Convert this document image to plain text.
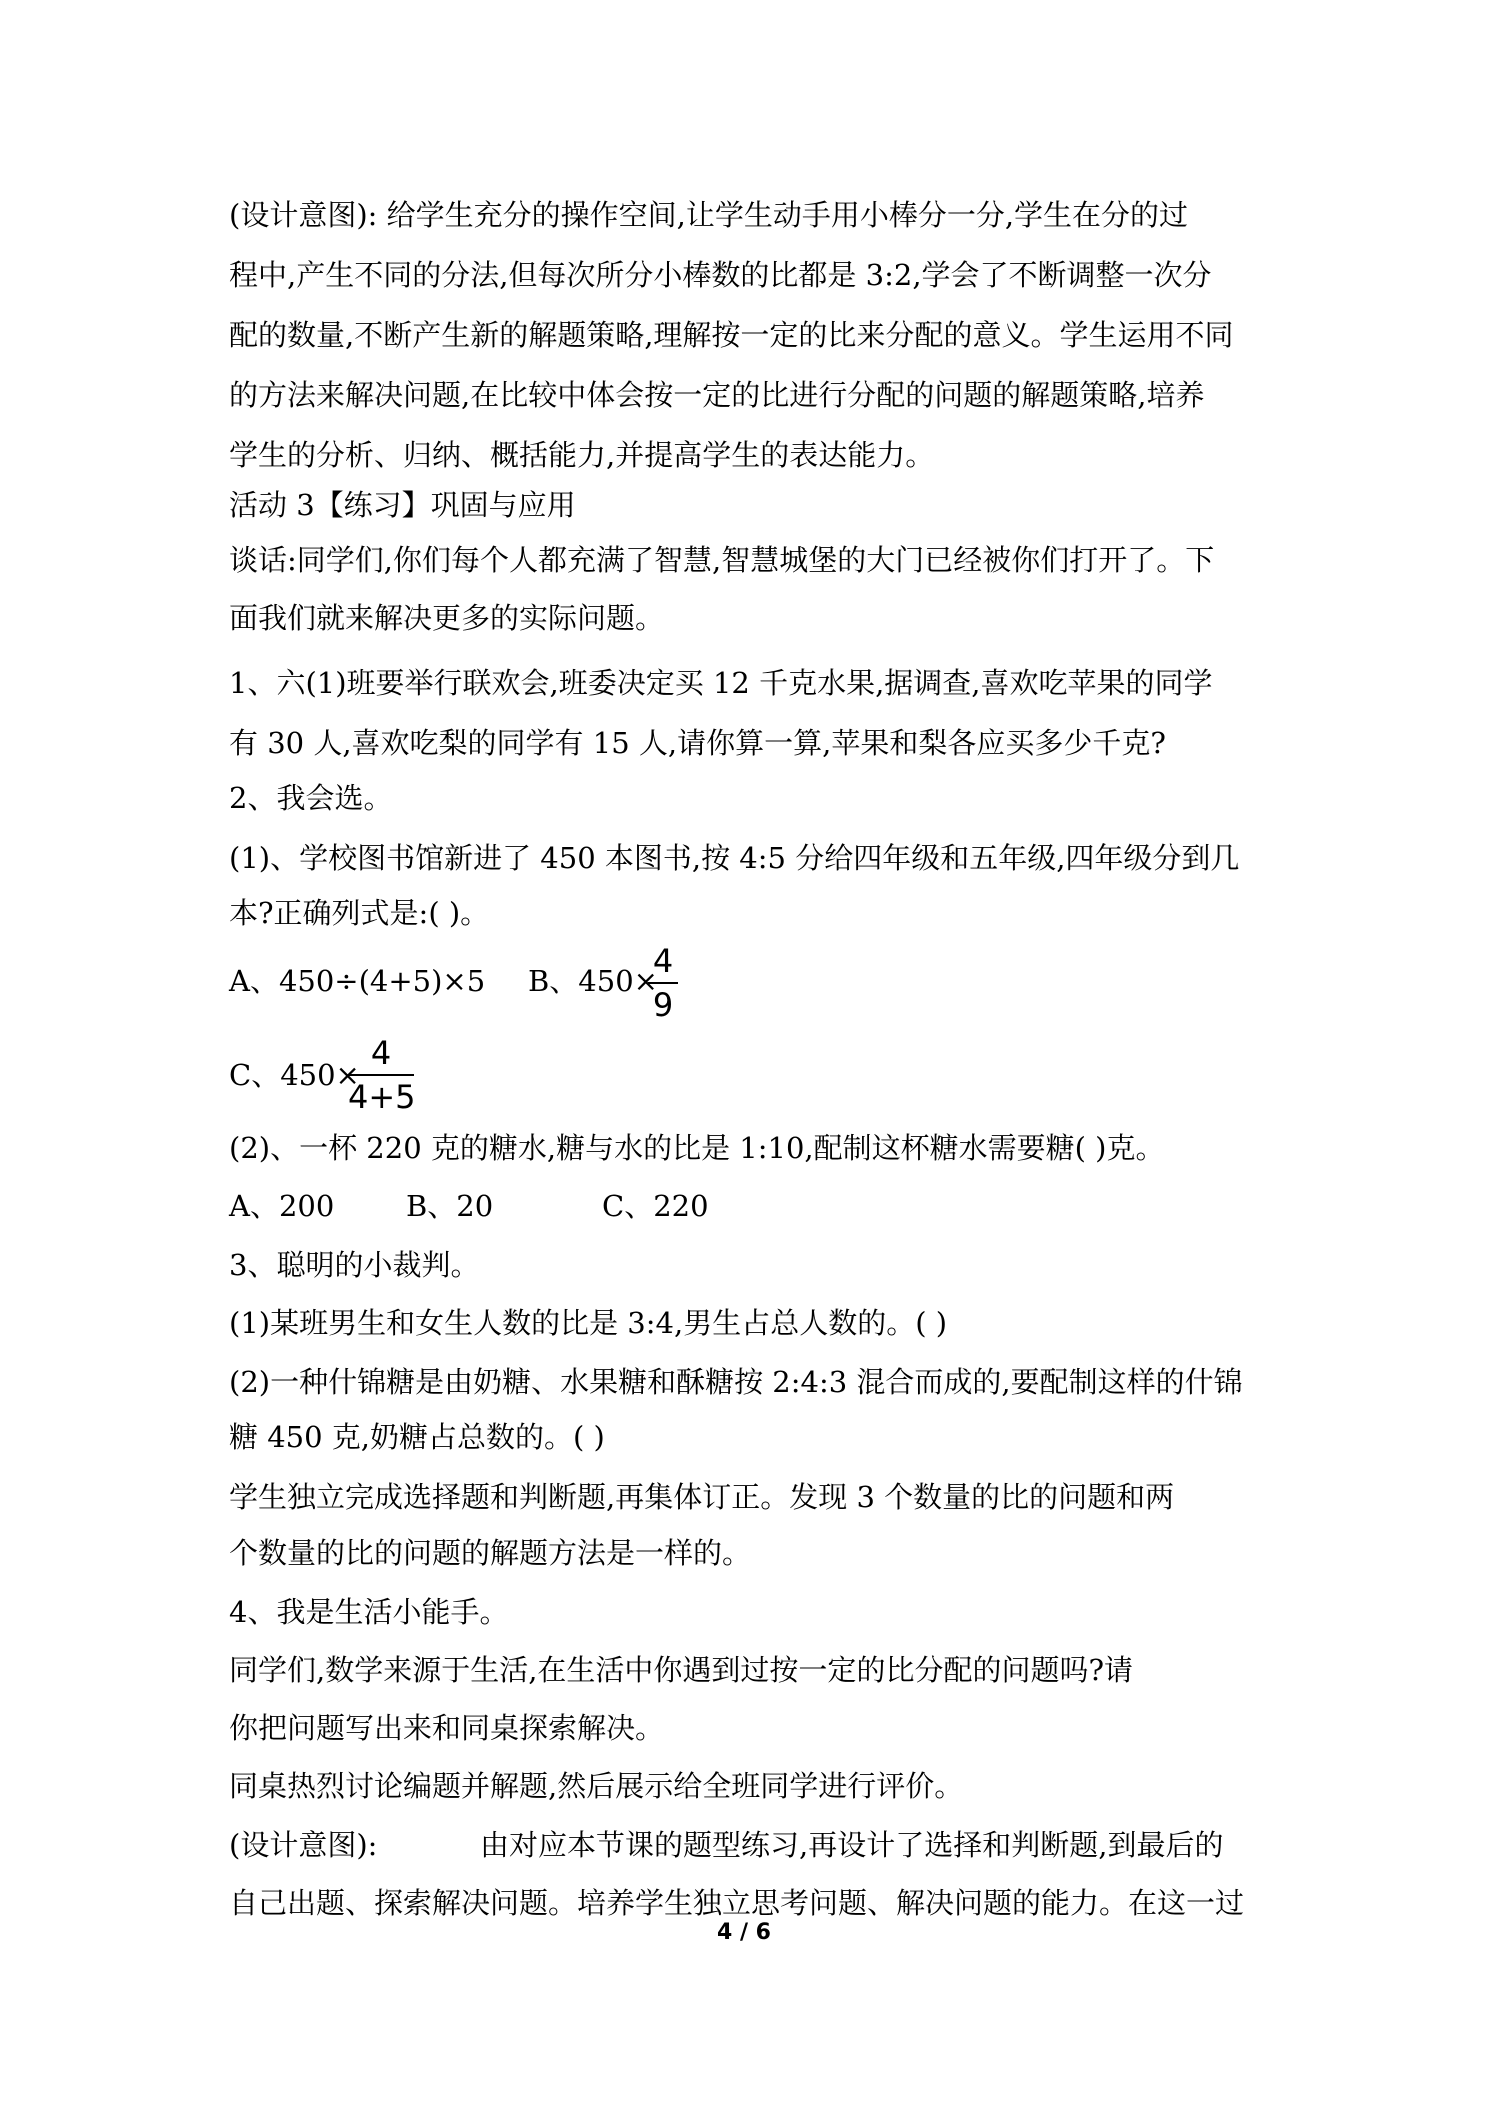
(设计意图): 给学生充分的操作空间,让学生动手用小棒分一分,学生在分的过
程中,产生不同的分法,但每次所分小棒数的比都是 3:2,学会了不断调整一次分
配的数量,不断产生新的解题策略,理解按一定的比来分配的意义。学生运用不同
的方法来解决问题,在比较中体会按一定的比进行分配的问题的解题策略,培养
学生的分析、归纳、概括能力,并提高学生的表达能力。
活动 3【练习】巩固与应用
谈话:同学们,你们每个人都充满了智慧,智慧城堡的大门已经被你们打开了。下
面我们就来解决更多的实际问题。
1、六(1)班要举行联欢会,班委决定买 12 千克水果,据调查,喜欢吃苹果的同学
有 30 人,喜欢吃梨的同学有 15 人,请你算一算,苹果和梨各应买多少千克?
2、我会选。
(1)、学校图书馆新进了 450 本图书,按 4:5 分给四年级和五年级,四年级分到几
本?正确列式是:( )。
A、450÷(4+5)×5 B、450×
4
9
C、450×
4
4+5
(2)、一杯 220 克的糖水,糖与水的比是 1:10,配制这杯糖水需要糖( )克。
A、200 B、20	C、220
3、聪明的小裁判。
(1)某班男生和女生人数的比是 3:4,男生占总人数的。( )
(2)一种什锦糖是由奶糖、水果糖和酥糖按 2:4:3 混合而成的,要配制这样的什锦
糖 450 克,奶糖占总数的。( )
学生独立完成选择题和判断题,再集体订正。发现 3 个数量的比的问题和两
个数量的比的问题的解题方法是一样的。
4、我是生活小能手。
同学们,数学来源于生活,在生活中你遇到过按一定的比分配的问题吗?请
你把问题写出来和同桌探索解决。
同桌热烈讨论编题并解题,然后展示给全班同学进行评价。
(设计意图):	由对应本节课的题型练习,再设计了选择和判断题,到最后的
自己出题、探索解决问题。培养学生独立思考问题、解决问题的能力。在这一过
4 / 6
